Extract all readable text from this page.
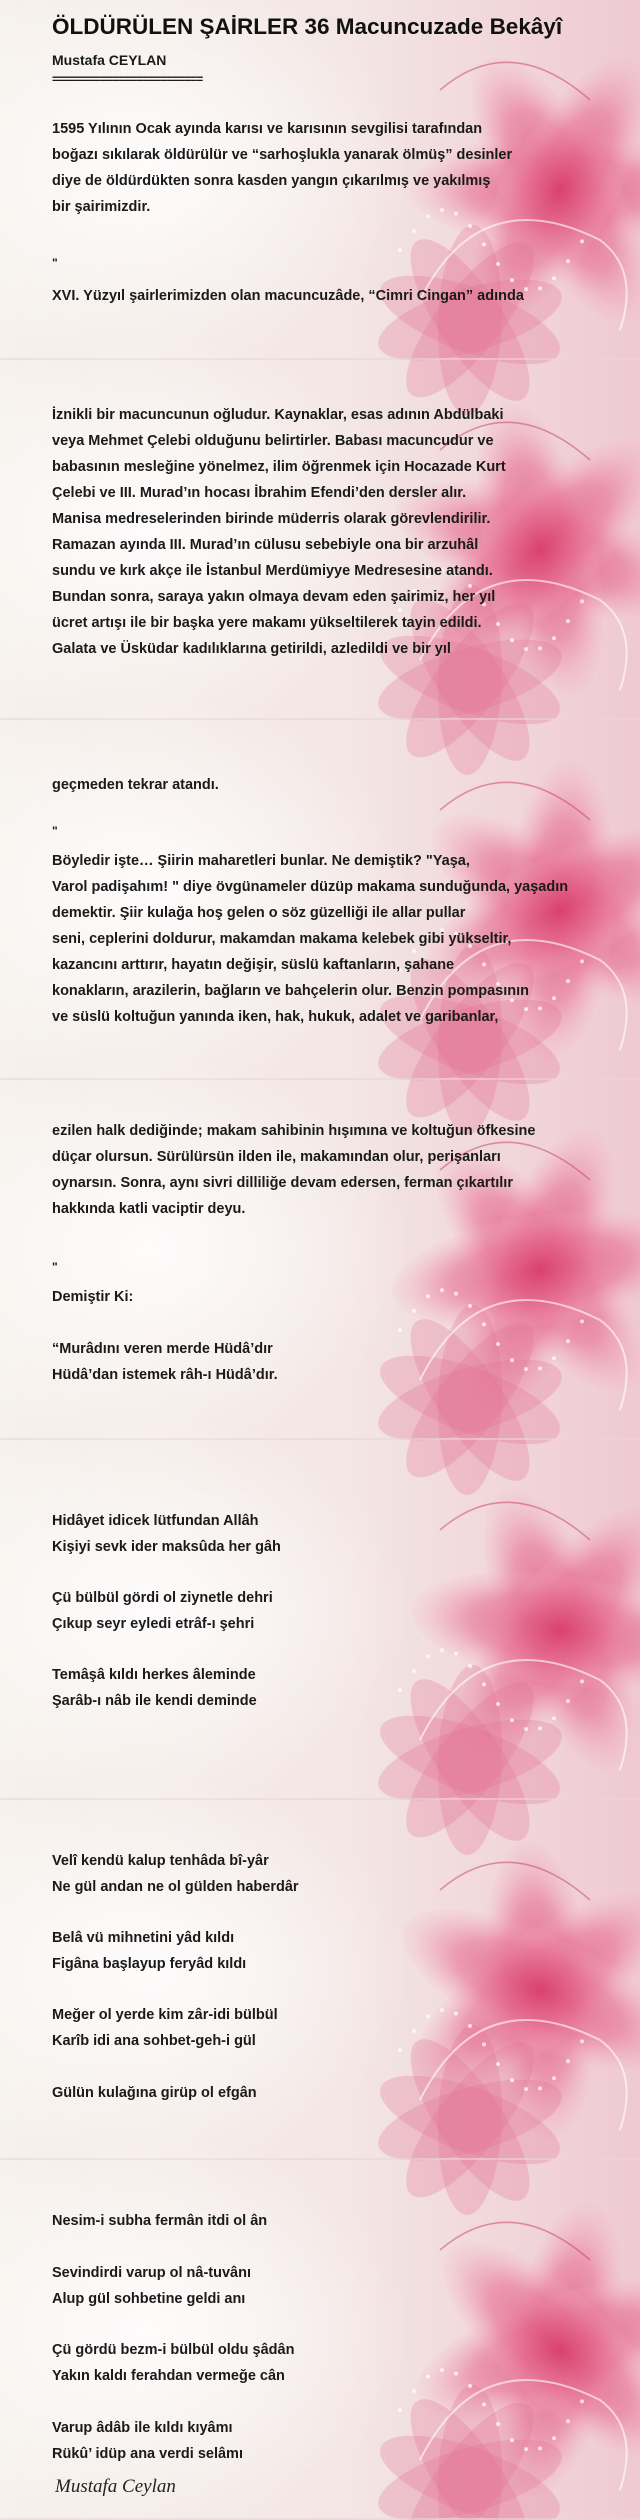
ÖLDÜRÜLEN ŞAİRLER 36 Macuncuzade Bekâyî
Mustafa CEYLAN
=========================
1595 Yılının Ocak ayında karısı ve karısının sevgilisi tarafından
boğazı sıkılarak öldürülür ve “sarhoşlukla yanarak ölmüş” desinler
diye de öldürdükten sonra kasden yangın çıkarılmış ve yakılmış
bir şairimizdir.
"
XVI. Yüzyıl şairlerimizden olan macuncuzâde, “Cimri Cingan” adında
İznikli bir macuncunun oğludur. Kaynaklar, esas adının Abdülbaki
veya Mehmet Çelebi olduğunu belirtirler. Babası macuncudur ve
babasının mesleğine yönelmez, ilim öğrenmek için Hocazade Kurt
Çelebi ve III. Murad’ın hocası İbrahim Efendi’den dersler alır.
Manisa medreselerinden birinde müderris olarak görevlendirilir.
Ramazan ayında III. Murad’ın cülusu sebebiyle ona bir arzuhâl
sundu ve kırk akçe ile İstanbul Merdümiyye Medresesine atandı.
Bundan sonra, saraya yakın olmaya devam eden şairimiz, her yıl
ücret artışı ile bir başka yere makamı yükseltilerek tayin edildi.
Galata ve Üsküdar kadılıklarına getirildi, azledildi ve bir yıl
geçmeden tekrar atandı.
"
Böyledir işte… Şiirin maharetleri bunlar. Ne demiştik? "Yaşa,
Varol padişahım! " diye övgünameler düzüp makama sunduğunda, yaşadın
demektir. Şiir kulağa hoş gelen o söz güzelliği ile allar pullar
seni, ceplerini doldurur, makamdan makama kelebek gibi yükseltir,
kazancını arttırır, hayatın değişir, süslü kaftanların, şahane
konakların, arazilerin, bağların ve bahçelerin olur. Benzin pompasının
ve süslü koltuğun yanında iken, hak, hukuk, adalet ve garibanlar,
ezilen halk dediğinde; makam sahibinin hışımına ve koltuğun öfkesine
düçar olursun. Sürülürsün ilden ile, makamından olur, perişanları
oynarsın. Sonra, aynı sivri dilliliğe devam edersen, ferman çıkartılır
hakkında katli vaciptir deyu.
"
Demiştir Ki:
“Murâdını veren merde Hüdâ’dır
Hüdâ’dan istemek râh-ı Hüdâ’dır.
Hidâyet idicek lütfundan Allâh
Kişiyi sevk ider maksûda her gâh
Çü bülbül gördi ol ziynetle dehri
Çıkup seyr eyledi etrâf-ı şehri
Temâşâ kıldı herkes âleminde
Şarâb-ı nâb ile kendi deminde
Velî kendü kalup tenhâda bî-yâr
Ne gül andan ne ol gülden haberdâr
Belâ vü mihnetini yâd kıldı
Figâna başlayup feryâd kıldı
Meğer ol yerde kim zâr-idi bülbül
Karîb idi ana sohbet-geh-i gül
Gülün kulağına girüp ol efgân
Nesim-i subha fermân itdi ol ân
Sevindirdi varup ol nâ-tuvânı
Alup gül sohbetine geldi anı
Çü gördü bezm-i bülbül oldu şâdân
Yakın kaldı ferahdan vermeğe cân
Varup âdâb ile kıldı kıyâmı
Rükû’ idüp ana verdi selâmı
Mustafa Ceylan
